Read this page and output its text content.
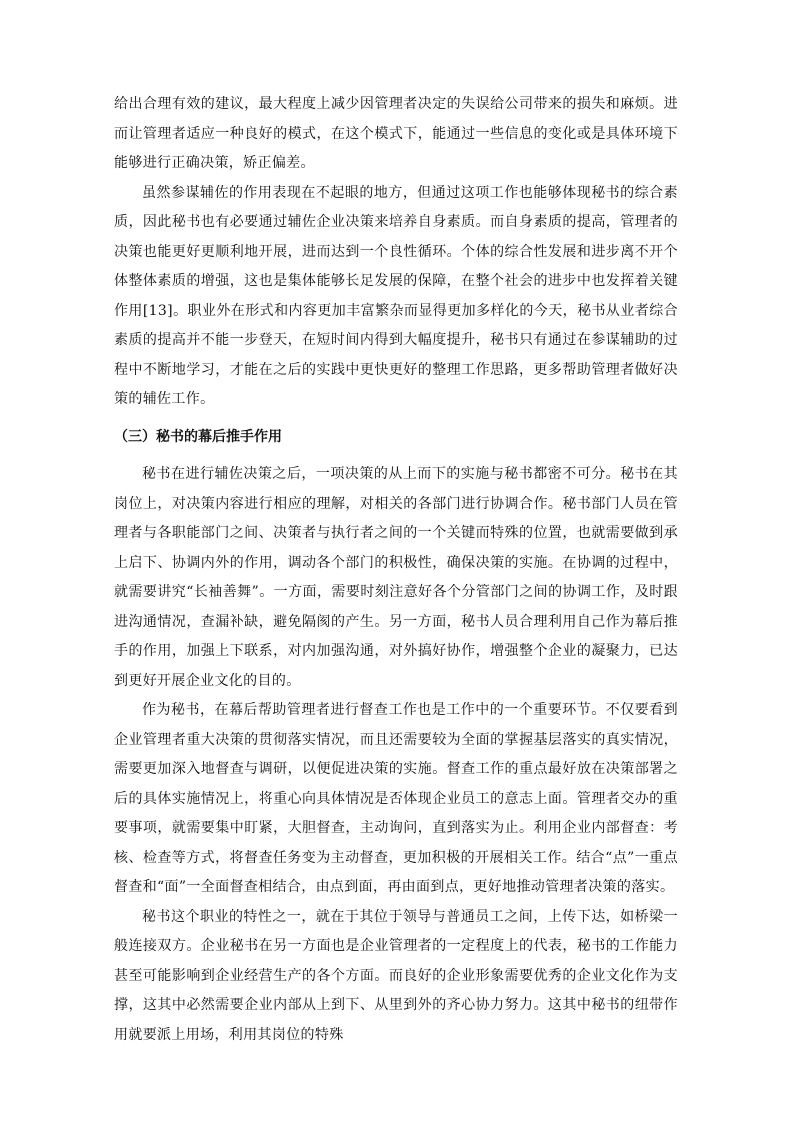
给出合理有效的建议，最大程度上减少因管理者决定的失误给公司带来的损失和麻烦。进而让管理者适应一种良好的模式，在这个模式下，能通过一些信息的变化或是具体环境下能够进行正确决策，矫正偏差。

虽然参谋辅佐的作用表现在不起眼的地方，但通过这项工作也能够体现秘书的综合素质，因此秘书也有必要通过辅佐企业决策来培养自身素质。而自身素质的提高，管理者的决策也能更好更顺利地开展，进而达到一个良性循环。个体的综合性发展和进步离不开个体整体素质的增强，这也是集体能够长足发展的保障，在整个社会的进步中也发挥着关键作用[13]。职业外在形式和内容更加丰富繁杂而显得更加多样化的今天，秘书从业者综合素质的提高并不能一步登天，在短时间内得到大幅度提升，秘书只有通过在参谋辅助的过程中不断地学习，才能在之后的实践中更快更好的整理工作思路，更多帮助管理者做好决策的辅佐工作。

（三）秘书的幕后推手作用

秘书在进行辅佐决策之后，一项决策的从上而下的实施与秘书都密不可分。秘书在其岗位上，对决策内容进行相应的理解，对相关的各部门进行协调合作。秘书部门人员在管理者与各职能部门之间、决策者与执行者之间的一个关键而特殊的位置，也就需要做到承上启下、协调内外的作用，调动各个部门的积极性，确保决策的实施。在协调的过程中，就需要讲究“长袖善舞”。一方面，需要时刻注意好各个分管部门之间的协调工作，及时跟进沟通情况，查漏补缺，避免隔阂的产生。另一方面，秘书人员合理利用自己作为幕后推手的作用，加强上下联系，对内加强沟通，对外搞好协作，增强整个企业的凝聚力，已达到更好开展企业文化的目的。

作为秘书，在幕后帮助管理者进行督查工作也是工作中的一个重要环节。不仅要看到企业管理者重大决策的贯彻落实情况，而且还需要较为全面的掌握基层落实的真实情况，需要更加深入地督查与调研，以便促进决策的实施。督查工作的重点最好放在决策部署之后的具体实施情况上，将重心向具体情况是否体现企业员工的意志上面。管理者交办的重要事项，就需要集中盯紧，大胆督查，主动询问，直到落实为止。利用企业内部督查：考核、检查等方式，将督查任务变为主动督查，更加积极的开展相关工作。结合“点”一重点督查和“面”一全面督查相结合，由点到面，再由面到点，更好地推动管理者决策的落实。

秘书这个职业的特性之一，就在于其位于领导与普通员工之间，上传下达，如桥梁一般连接双方。企业秘书在另一方面也是企业管理者的一定程度上的代表，秘书的工作能力甚至可能影响到企业经营生产的各个方面。而良好的企业形象需要优秀的企业文化作为支撑，这其中必然需要企业内部从上到下、从里到外的齐心协力努力。这其中秘书的纽带作用就要派上用场，利用其岗位的特殊
